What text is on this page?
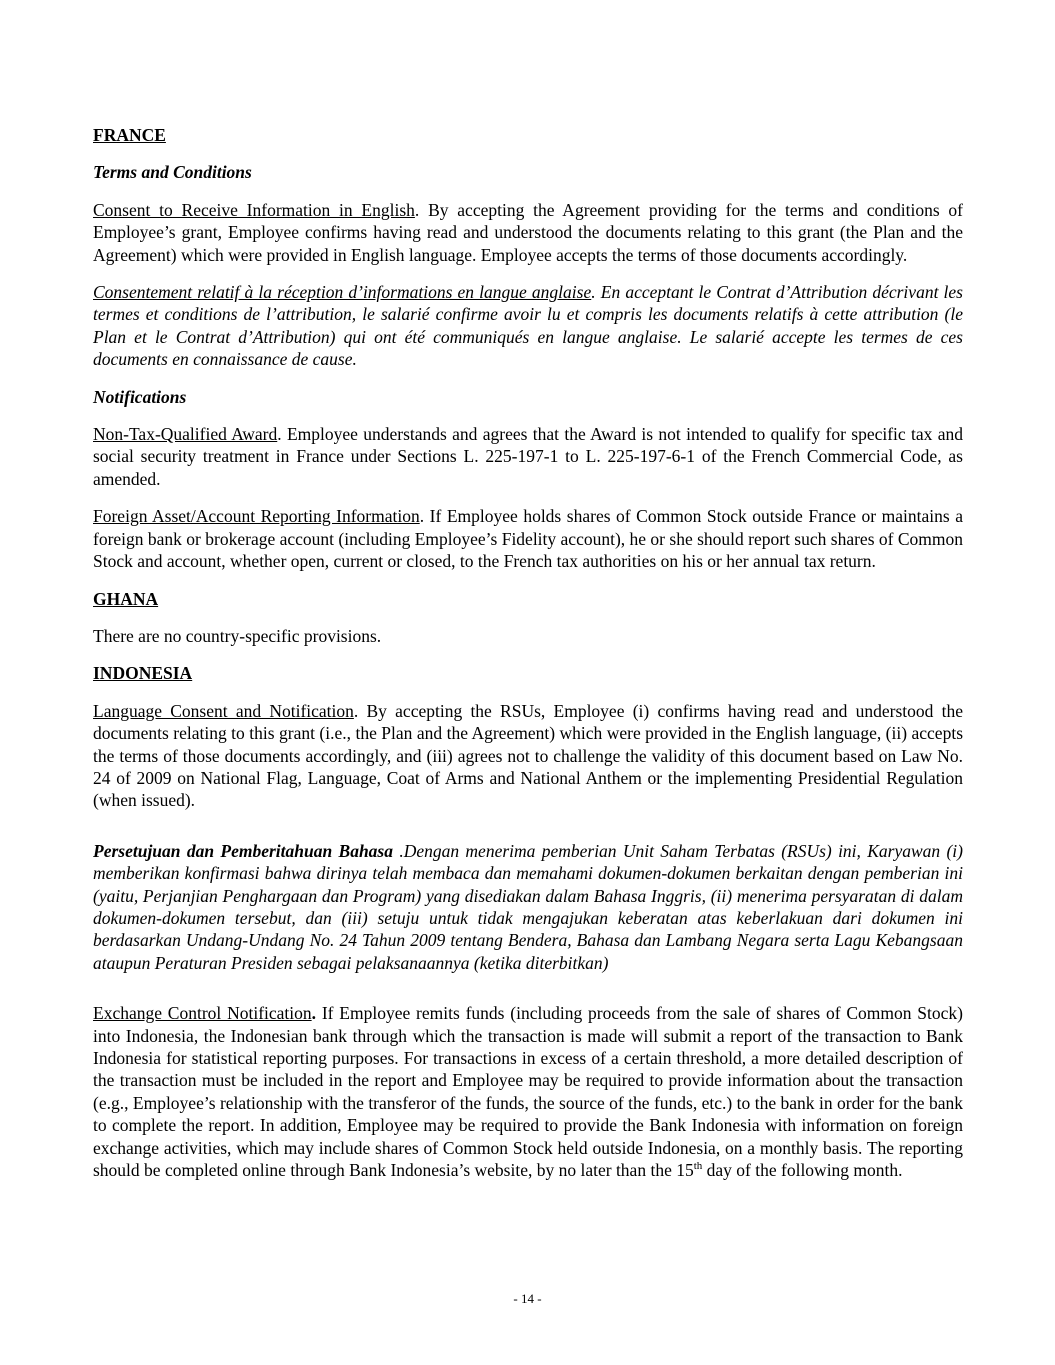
FRANCE

Terms and Conditions

Consent to Receive Information in English. By accepting the Agreement providing for the terms and conditions of Employee’s grant, Employee confirms having read and understood the documents relating to this grant (the Plan and the Agreement) which were provided in English language. Employee accepts the terms of those documents accordingly.

Consentement relatif à la réception d’informations en langue anglaise. En acceptant le Contrat d’Attribution décrivant les termes et conditions de l’attribution, le salarié confirme avoir lu et compris les documents relatifs à cette attribution (le Plan et le Contrat d’Attribution) qui ont été communiqués en langue anglaise. Le salarié accepte les termes de ces documents en connaissance de cause.

Notifications

Non-Tax-Qualified Award. Employee understands and agrees that the Award is not intended to qualify for specific tax and social security treatment in France under Sections L. 225-197-1 to L. 225-197-6-1 of the French Commercial Code, as amended.

Foreign Asset/Account Reporting Information. If Employee holds shares of Common Stock outside France or maintains a foreign bank or brokerage account (including Employee’s Fidelity account), he or she should report such shares of Common Stock and account, whether open, current or closed, to the French tax authorities on his or her annual tax return.

GHANA

There are no country-specific provisions.

INDONESIA

Language Consent and Notification. By accepting the RSUs, Employee (i) confirms having read and understood the documents relating to this grant (i.e., the Plan and the Agreement) which were provided in the English language, (ii) accepts the terms of those documents accordingly, and (iii) agrees not to challenge the validity of this document based on Law No. 24 of 2009 on National Flag, Language, Coat of Arms and National Anthem or the implementing Presidential Regulation (when issued).

Persetujuan dan Pemberitahuan Bahasa .Dengan menerima pemberian Unit Saham Terbatas (RSUs) ini, Karyawan (i) memberikan konfirmasi bahwa dirinya telah membaca dan memahami dokumen-dokumen berkaitan dengan pemberian ini (yaitu, Perjanjian Penghargaan dan Program) yang disediakan dalam Bahasa Inggris, (ii) menerima persyaratan di dalam dokumen-dokumen tersebut, dan (iii) setuju untuk tidak mengajukan keberatan atas keberlakuan dari dokumen ini berdasarkan Undang-Undang No. 24 Tahun 2009 tentang Bendera, Bahasa dan Lambang Negara serta Lagu Kebangsaan ataupun Peraturan Presiden sebagai pelaksanaannya (ketika diterbitkan)

Exchange Control Notification. If Employee remits funds (including proceeds from the sale of shares of Common Stock) into Indonesia, the Indonesian bank through which the transaction is made will submit a report of the transaction to Bank Indonesia for statistical reporting purposes. For transactions in excess of a certain threshold, a more detailed description of the transaction must be included in the report and Employee may be required to provide information about the transaction (e.g., Employee’s relationship with the transferor of the funds, the source of the funds, etc.) to the bank in order for the bank to complete the report. In addition, Employee may be required to provide the Bank Indonesia with information on foreign exchange activities, which may include shares of Common Stock held outside Indonesia, on a monthly basis. The reporting should be completed online through Bank Indonesia’s website, by no later than the 15th day of the following month.

- 14 -
